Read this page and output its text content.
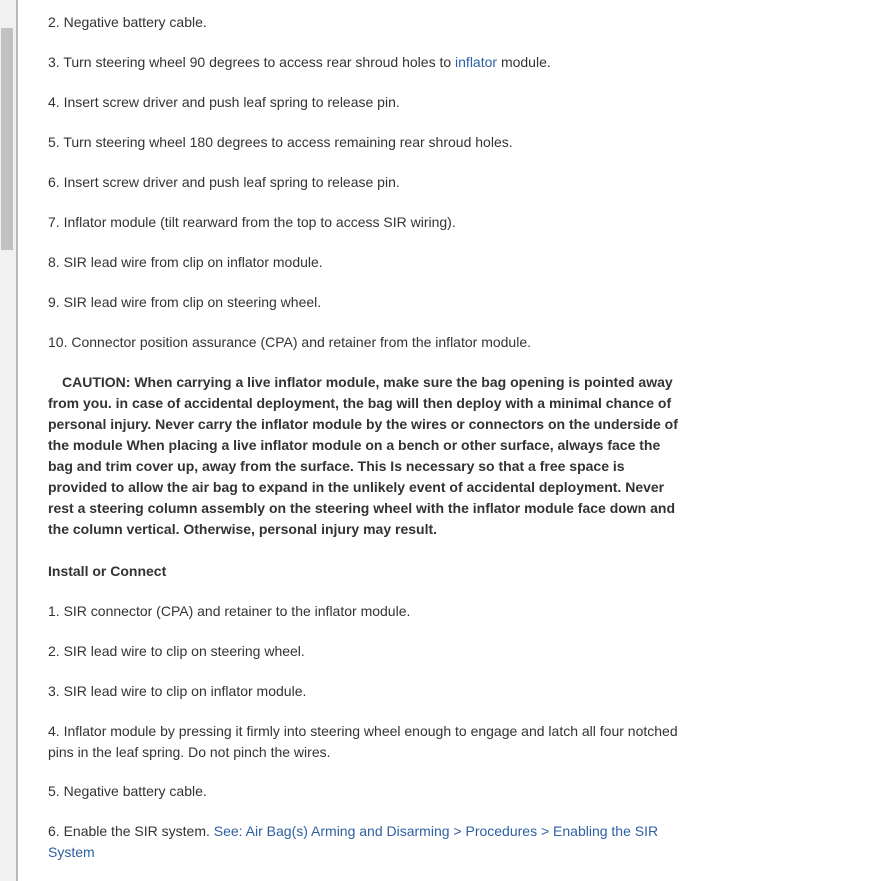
2. Negative battery cable.

3. Turn steering wheel 90 degrees to access rear shroud holes to inflator module.

4. Insert screw driver and push leaf spring to release pin.

5. Turn steering wheel 180 degrees to access remaining rear shroud holes.

6. Insert screw driver and push leaf spring to release pin.

7. Inflator module (tilt rearward from the top to access SIR wiring).

8. SIR lead wire from clip on inflator module.

9. SIR lead wire from clip on steering wheel.

10. Connector position assurance (CPA) and retainer from the inflator module.

CAUTION: When carrying a live inflator module, make sure the bag opening is pointed away from you. in case of accidental deployment, the bag will then deploy with a minimal chance of personal injury. Never carry the inflator module by the wires or connectors on the underside of the module When placing a live inflator module on a bench or other surface, always face the bag and trim cover up, away from the surface. This Is necessary so that a free space is provided to allow the air bag to expand in the unlikely event of accidental deployment. Never rest a steering column assembly on the steering wheel with the inflator module face down and the column vertical. Otherwise, personal injury may result.

Install or Connect

1. SIR connector (CPA) and retainer to the inflator module.

2. SIR lead wire to clip on steering wheel.

3. SIR lead wire to clip on inflator module.

4. Inflator module by pressing it firmly into steering wheel enough to engage and latch all four notched pins in the leaf spring. Do not pinch the wires.

5. Negative battery cable.

6. Enable the SIR system. See: Air Bag(s) Arming and Disarming > Procedures > Enabling the SIR System
